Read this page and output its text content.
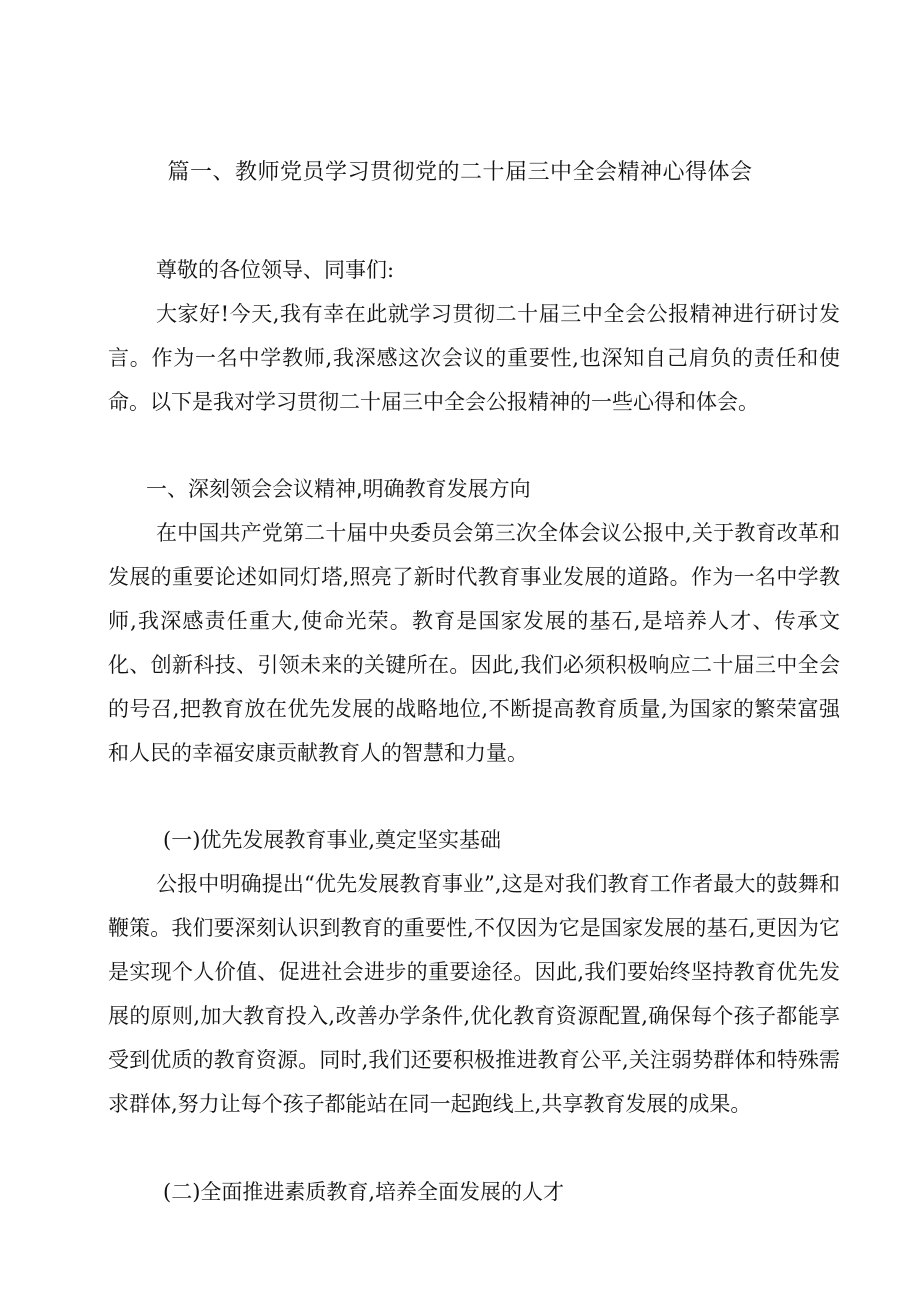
篇一、教师党员学习贯彻党的二十届三中全会精神心得体会

尊敬的各位领导、同事们:

大家好!今天,我有幸在此就学习贯彻二十届三中全会公报精神进行研讨发言。作为一名中学教师,我深感这次会议的重要性,也深知自己肩负的责任和使命。以下是我对学习贯彻二十届三中全会公报精神的一些心得和体会。

一、深刻领会会议精神,明确教育发展方向

在中国共产党第二十届中央委员会第三次全体会议公报中,关于教育改革和发展的重要论述如同灯塔,照亮了新时代教育事业发展的道路。作为一名中学教师,我深感责任重大,使命光荣。教育是国家发展的基石,是培养人才、传承文化、创新科技、引领未来的关键所在。因此,我们必须积极响应二十届三中全会的号召,把教育放在优先发展的战略地位,不断提高教育质量,为国家的繁荣富强和人民的幸福安康贡献教育人的智慧和力量。

(一)优先发展教育事业,奠定坚实基础

公报中明确提出“优先发展教育事业”,这是对我们教育工作者最大的鼓舞和鞭策。我们要深刻认识到教育的重要性,不仅因为它是国家发展的基石,更因为它是实现个人价值、促进社会进步的重要途径。因此,我们要始终坚持教育优先发展的原则,加大教育投入,改善办学条件,优化教育资源配置,确保每个孩子都能享受到优质的教育资源。同时,我们还要积极推进教育公平,关注弱势群体和特殊需求群体,努力让每个孩子都能站在同一起跑线上,共享教育发展的成果。

(二)全面推进素质教育,培养全面发展的人才
